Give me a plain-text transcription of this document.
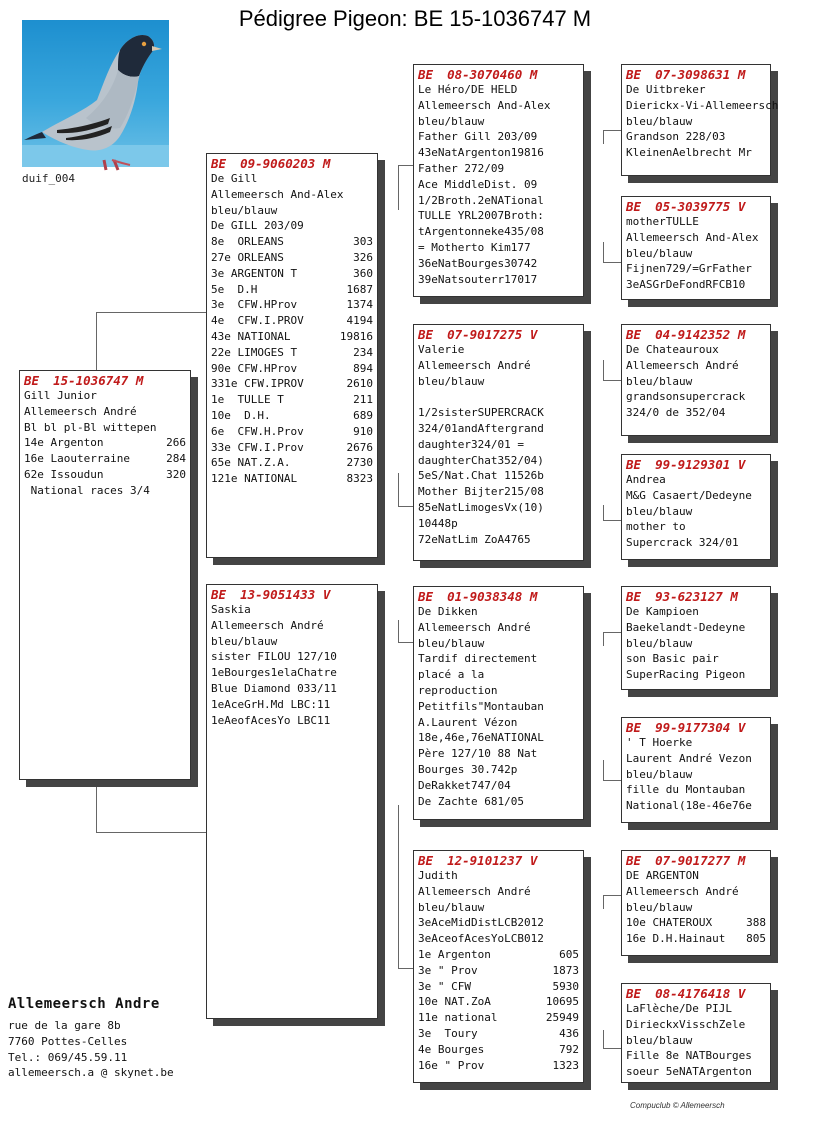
Pédigree Pigeon: BE 15-1036747 M
duif_004
BE 15-1036747 M
Gill Junior
Allemeersch André
Bl bl pl-Bl wittepen
14e Argenton	266
16e Laouterraine	284
62e Issoudun	320
National races 3/4
BE 09-9060203 M
De Gill
Allemeersch And-Alex
bleu/blauw
De GILL 203/09
8e  ORLEANS	303
27e ORLEANS	326
3e ARGENTON T	360
5e  D.H	1687
3e  CFW.HProv	1374
4e  CFW.I.PROV	4194
43e NATIONAL	19816
22e LIMOGES T	234
90e CFW.HProv	894
331e CFW.IPROV	2610
1e  TULLE T	211
10e  D.H.	689
6e  CFW.H.Prov	910
33e CFW.I.Prov	2676
65e NAT.Z.A.	2730
121e NATIONAL	8323
BE 13-9051433 V
Saskia
Allemeersch André
bleu/blauw
sister FILOU 127/10
1eBourges1elaChatre
Blue Diamond 033/11
1eAceGrH.Md LBC:11
1eAeofAcesYo LBC11
BE 08-3070460 M
Le Héro/DE HELD
Allemeersch And-Alex
bleu/blauw
Father Gill 203/09
43eNatArgenton19816
Father 272/09
Ace MiddleDist. 09
1/2Broth.2eNATional
TULLE YRL2007Broth:
tArgentonneke435/08
= Motherto Kim177
36eNatBourges30742
39eNatsouterr17017
BE 07-9017275 V
Valerie
Allemeersch André
bleu/blauw

1/2sisterSUPERCRACK
324/01andAftergrand
daughter324/01 =
daughterChat352/04)
5eS/Nat.Chat 11526b
Mother Bijter215/08
85eNatLimogesVx(10)
10448p
72eNatLim ZoA4765
BE 01-9038348 M
De Dikken
Allemeersch André
bleu/blauw
Tardif directement
placé a la
reproduction
Petitfils"Montauban
A.Laurent Vézon
18e,46e,76eNATIONAL
Père 127/10 88 Nat
Bourges 30.742p
DeRakket747/04
De Zachte 681/05
BE 12-9101237 V
Judith
Allemeersch André
bleu/blauw
3eAceMidDistLCB2012
3eAceofAcesYoLCB012
1e Argenton	605
3e " Prov	1873
3e " CFW	5930
10e NAT.ZoA	10695
11e national	25949
3e  Toury	436
4e Bourges	792
16e " Prov	1323
BE 07-3098631 M
De Uitbreker
Dierickx-Vi-Allemeersch
bleu/blauw
Grandson 228/03
KleinenAelbrecht Mr
BE 05-3039775 V
motherTULLE
Allemeersch And-Alex
bleu/blauw
Fijnen729/=GrFather
3eASGrDeFondRFCB10
BE 04-9142352 M
De Chateauroux
Allemeersch André
bleu/blauw
grandsonsupercrack
324/0 de 352/04
BE 99-9129301 V
Andrea
M&G Casaert/Dedeyne
bleu/blauw
mother to
Supercrack 324/01
BE 93-623127 M
De Kampioen
Baekelandt-Dedeyne
bleu/blauw
son Basic pair
SuperRacing Pigeon
BE 99-9177304 V
' T Hoerke
Laurent André Vezon
bleu/blauw
fille du Montauban
National(18e-46e76e
BE 07-9017277 M
DE ARGENTON
Allemeersch André
bleu/blauw
10e CHATEROUX	388
16e D.H.Hainaut	805
BE 08-4176418 V
LaFlèche/De PIJL
DirieckxVisschZele
bleu/blauw
Fille 8e NATBourges
soeur 5eNATArgenton
Allemeersch Andre
rue de la gare 8b
7760 Pottes-Celles
Tel.: 069/45.59.11
allemeersch.a @ skynet.be
Compuclub © Allemeersch
